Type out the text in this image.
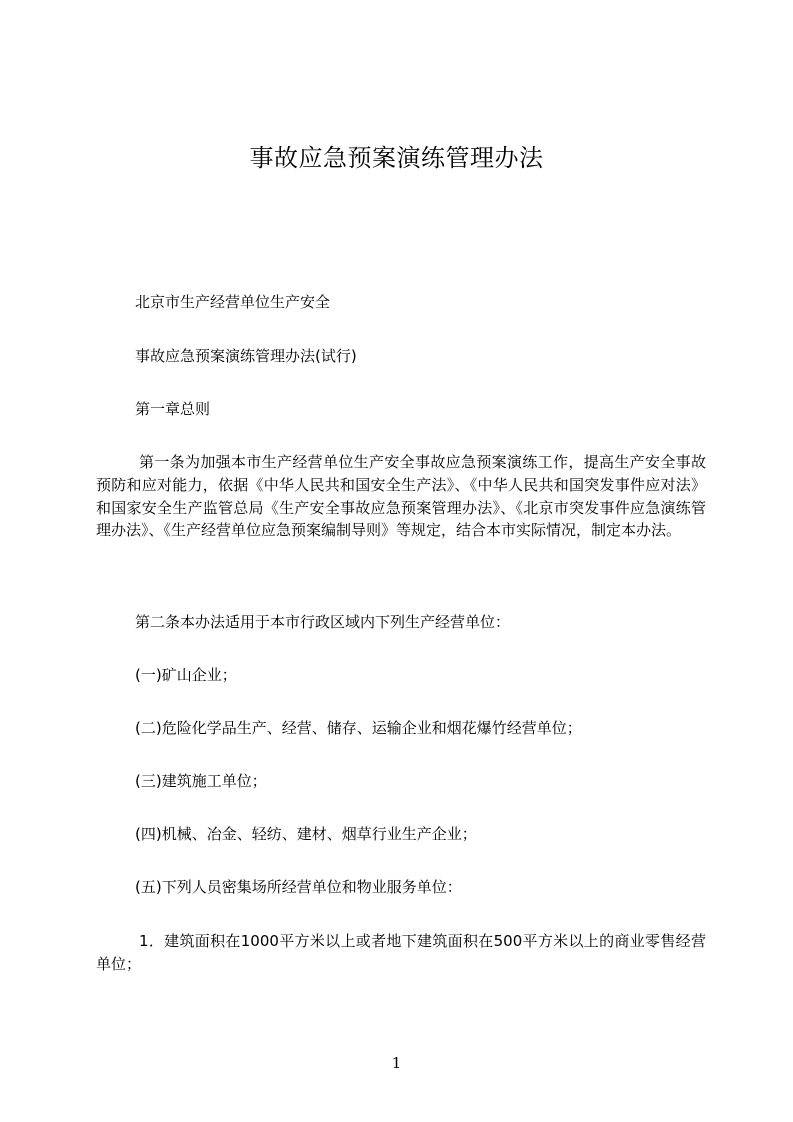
事故应急预案演练管理办法
北京市生产经营单位生产安全
事故应急预案演练管理办法(试行)
第一章总则
第一条为加强本市生产经营单位生产安全事故应急预案演练工作，提高生产安全事故预防和应对能力，依据《中华人民共和国安全生产法》、《中华人民共和国突发事件应对法》和国家安全生产监管总局《生产安全事故应急预案管理办法》、《北京市突发事件应急演练管理办法》、《生产经营单位应急预案编制导则》等规定，结合本市实际情况，制定本办法。
第二条本办法适用于本市行政区域内下列生产经营单位：
(一)矿山企业；
(二)危险化学品生产、经营、储存、运输企业和烟花爆竹经营单位；
(三)建筑施工单位；
(四)机械、冶金、轻纺、建材、烟草行业生产企业；
(五)下列人员密集场所经营单位和物业服务单位：
1．建筑面积在1000平方米以上或者地下建筑面积在500平方米以上的商业零售经营单位；
1
